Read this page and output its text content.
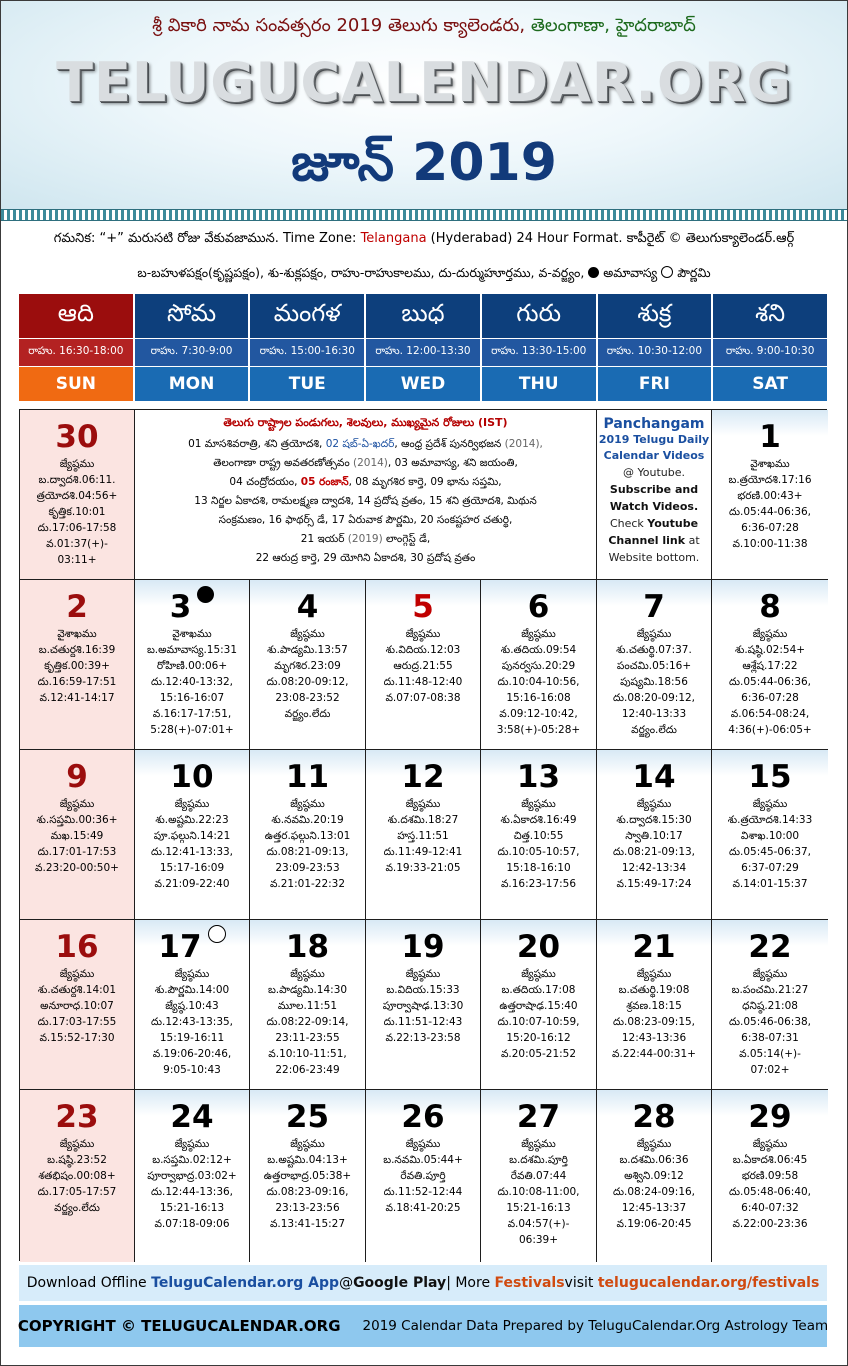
శ్రీ వికారి నామ సంవత్సరం 2019 తెలుగు క్యాలెండరు, తెలంగాణా, హైదరాబాద్
TELUGUCALENDAR.ORG
జూన్ 2019
గమనిక: “+” మరుసటి రోజు వేకువజామున. Time Zone: Telangana (Hyderabad) 24 Hour Format. కాపీరైట్ © తెలుగుక్యాలెండర్.ఆర్గ్
బ-బహుళపక్షం(కృష్ణపక్షం), శు-శుక్లపక్షం, రాహు-రాహుకాలము, దు-దుర్ముహూర్తము, వ-వర్జ్యం, అమావాస్య పౌర్ణమి
ఆది
రాహు. 16:30-18:00
SUN
సోమ
రాహు. 7:30-9:00
MON
మంగళ
రాహు. 15:00-16:30
TUE
బుధ
రాహు. 12:00-13:30
WED
గురు
రాహు. 13:30-15:00
THU
శుక్ర
రాహు. 10:30-12:00
FRI
శని
రాహు. 9:00-10:30
SAT
30
జ్యేష్ఠము
బ.ద్వాదశి.06:11.
త్రయోదశి.04:56+
కృత్తిక.10:01
దు.17:06-17:58
వ.01:37(+)-
03:11+
తెలుగు రాష్ట్రాల పండుగలు, శెలవులు, ముఖ్యమైన రోజులు (IST)
01 మాసశివరాత్రి, శని త్రయోదశి, 02 షబ్-ఏ-ఖదర్, ఆంధ్ర ప్రదేశ్ పునర్విభజన (2014),
తెలంగాణా రాష్ట్ర అవతరణోత్సవం (2014), 03 అమావాస్య, శని జయంతి,
04 చంద్రోదయం, 05 రంజాన్, 08 మృగశిర కార్తె, 09 భాను సప్తమి,
13 నిర్జల ఏకాదశి, రామలక్ష్మణ ద్వాదశి, 14 ప్రదోష వ్రతం, 15 శని త్రయోదశి, మిథున
సంక్రమణం, 16 ఫాథర్స్ డే, 17 ఏరువాక పౌర్ణమి, 20 సంకష్టహర చతుర్థి,
21 ఇయర్ (2019) లాంగ్గెస్ట్ డే,
22 ఆరుద్ర కార్తె, 29 యోగిని ఏకాదశి, 30 ప్రదోష వ్రతం
Panchangam
2019 Telugu Daily
Calendar Videos
@ Youtube.
Subscribe and
Watch Videos.
Check Youtube
Channel link at
Website bottom.
1
వైశాఖము
బ.త్రయోదశి.17:16
భరణి.00:43+
దు.05:44-06:36,
6:36-07:28
వ.10:00-11:38
2
వైశాఖము
బ.చతుర్దశి.16:39
కృత్తిక.00:39+
దు.16:59-17:51
వ.12:41-14:17
3
వైశాఖము
బ.అమావాస్య.15:31
రోహిణి.00:06+
దు.12:40-13:32,
15:16-16:07
వ.16:17-17:51,
5:28(+)-07:01+
4
జ్యేష్ఠము
శు.పాడ్యమి.13:57
మృగశిర.23:09
దు.08:20-09:12,
23:08-23:52
వర్జ్యం.లేదు
5
జ్యేష్ఠము
శు.విదియ.12:03
ఆరుద్ర.21:55
దు.11:48-12:40
వ.07:07-08:38
6
జ్యేష్ఠము
శు.తదియ.09:54
పునర్వసు.20:29
దు.10:04-10:56,
15:16-16:08
వ.09:12-10:42,
3:58(+)-05:28+
7
జ్యేష్ఠము
శు.చతుర్థి.07:37.
పంచమి.05:16+
పుష్యమి.18:56
దు.08:20-09:12,
12:40-13:33
వర్జ్యం.లేదు
8
జ్యేష్ఠము
శు.షష్ఠి.02:54+
ఆశ్లేష.17:22
దు.05:44-06:36,
6:36-07:28
వ.06:54-08:24,
4:36(+)-06:05+
9
జ్యేష్ఠము
శు.సప్తమి.00:36+
మఖ.15:49
దు.17:01-17:53
వ.23:20-00:50+
10
జ్యేష్ఠము
శు.అష్టమి.22:23
పూ.ఫల్గుని.14:21
దు.12:41-13:33,
15:17-16:09
వ.21:09-22:40
11
జ్యేష్ఠము
శు.నవమి.20:19
ఉత్తర.ఫల్గుని.13:01
దు.08:21-09:13,
23:09-23:53
వ.21:01-22:32
12
జ్యేష్ఠము
శు.దశమి.18:27
హస్త.11:51
దు.11:49-12:41
వ.19:33-21:05
13
జ్యేష్ఠము
శు.ఏకాదశి.16:49
చిత్త.10:55
దు.10:05-10:57,
15:18-16:10
వ.16:23-17:56
14
జ్యేష్ఠము
శు.ద్వాదశి.15:30
స్వాతి.10:17
దు.08:21-09:13,
12:42-13:34
వ.15:49-17:24
15
జ్యేష్ఠము
శు.త్రయోదశి.14:33
విశాఖ.10:00
దు.05:45-06:37,
6:37-07:29
వ.14:01-15:37
16
జ్యేష్ఠము
శు.చతుర్దశి.14:01
అనూరాధ.10:07
దు.17:03-17:55
వ.15:52-17:30
17
జ్యేష్ఠము
శు.పౌర్ణమి.14:00
జ్యేష్ఠ.10:43
దు.12:43-13:35,
15:19-16:11
వ.19:06-20:46,
9:05-10:43
18
జ్యేష్ఠము
బ.పాడ్యమి.14:30
మూల.11:51
దు.08:22-09:14,
23:11-23:55
వ.10:10-11:51,
22:06-23:49
19
జ్యేష్ఠము
బ.విదియ.15:33
పూర్వాషాఢ.13:30
దు.11:51-12:43
వ.22:13-23:58
20
జ్యేష్ఠము
బ.తదియ.17:08
ఉత్తరాషాఢ.15:40
దు.10:07-10:59,
15:20-16:12
వ.20:05-21:52
21
జ్యేష్ఠము
బ.చతుర్థి.19:08
శ్రవణ.18:15
దు.08:23-09:15,
12:43-13:36
వ.22:44-00:31+
22
జ్యేష్ఠము
బ.పంచమి.21:27
ధనిష్ఠ.21:08
దు.05:46-06:38,
6:38-07:31
వ.05:14(+)-
07:02+
23
జ్యేష్ఠము
బ.షష్ఠి.23:52
శతభిషం.00:08+
దు.17:05-17:57
వర్జ్యం.లేదు
24
జ్యేష్ఠము
బ.సప్తమి.02:12+
పూర్వాభాద్ర.03:02+
దు.12:44-13:36,
15:21-16:13
వ.07:18-09:06
25
జ్యేష్ఠము
బ.అష్టమి.04:13+
ఉత్తరాభాద్ర.05:38+
దు.08:23-09:16,
23:13-23:56
వ.13:41-15:27
26
జ్యేష్ఠము
బ.నవమి.05:44+
రేవతి.పూర్తి
దు.11:52-12:44
వ.18:41-20:25
27
జ్యేష్ఠము
బ.దశమి.పూర్తి
రేవతి.07:44
దు.10:08-11:00,
15:21-16:13
వ.04:57(+)-
06:39+
28
జ్యేష్ఠము
బ.దశమి.06:36
అశ్విని.09:12
దు.08:24-09:16,
12:45-13:37
వ.19:06-20:45
29
జ్యేష్ఠము
బ.ఏకాదశి.06:45
భరణి.09:58
దు.05:48-06:40,
6:40-07:32
వ.22:00-23:36
Download Offline
TeluguCalendar.org App @ Google Play | More
Festivals visit
telugucalendar.org/festivals
COPYRIGHT © TELUGUCALENDAR.ORG 2019 Calendar Data Prepared by TeluguCalendar.Org Astrology Team
